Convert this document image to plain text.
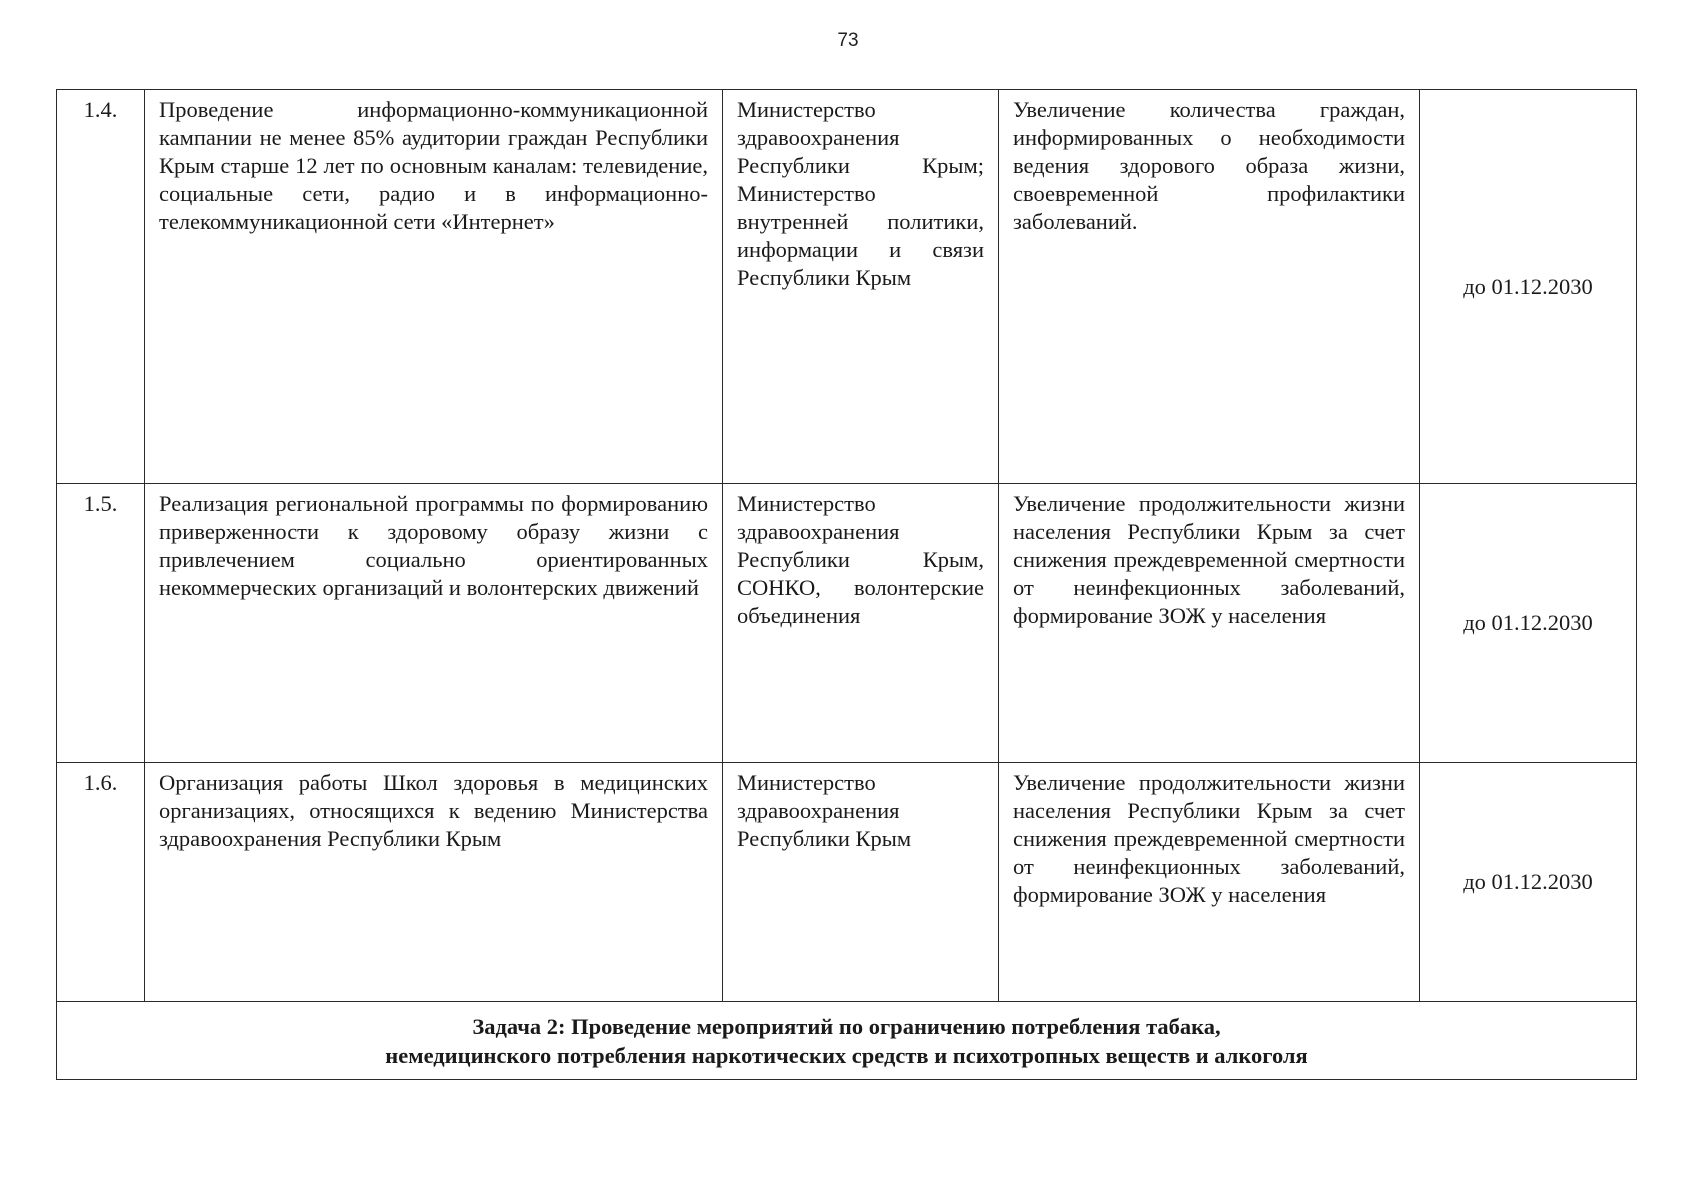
73
1.4.	Проведение информационно-коммуникационной кампании не менее 85% аудитории граждан Республики Крым старше 12 лет по основным каналам: телевидение, социальные сети, радио и в информационно-телекоммуникационной сети «Интернет»	Министерство здравоохранения Республики Крым; Министерство внутренней политики, информации и связи Республики Крым	Увеличение количества граждан, информированных о необходимости ведения здорового образа жизни, своевременной профилактики заболеваний.	до 01.12.2030
1.5.	Реализация региональной программы по формированию приверженности к здоровому образу жизни с привлечением социально ориентированных некоммерческих организаций и волонтерских движений	Министерство здравоохранения Республики Крым, СОНКО, волонтерские объединения	Увеличение продолжительности жизни населения Республики Крым за счет снижения преждевременной смертности от неинфекционных заболеваний, формирование ЗОЖ у населения	до 01.12.2030
1.6.	Организация работы Школ здоровья в медицинских организациях, относящихся к ведению Министерства здравоохранения Республики Крым	Министерство здравоохранения Республики Крым	Увеличение продолжительности жизни населения Республики Крым за счет снижения преждевременной смертности от неинфекционных заболеваний, формирование ЗОЖ у населения	до 01.12.2030

Задача 2: Проведение мероприятий по ограничению потребления табака,
немедицинского потребления наркотических средств и психотропных веществ и алкоголя				
